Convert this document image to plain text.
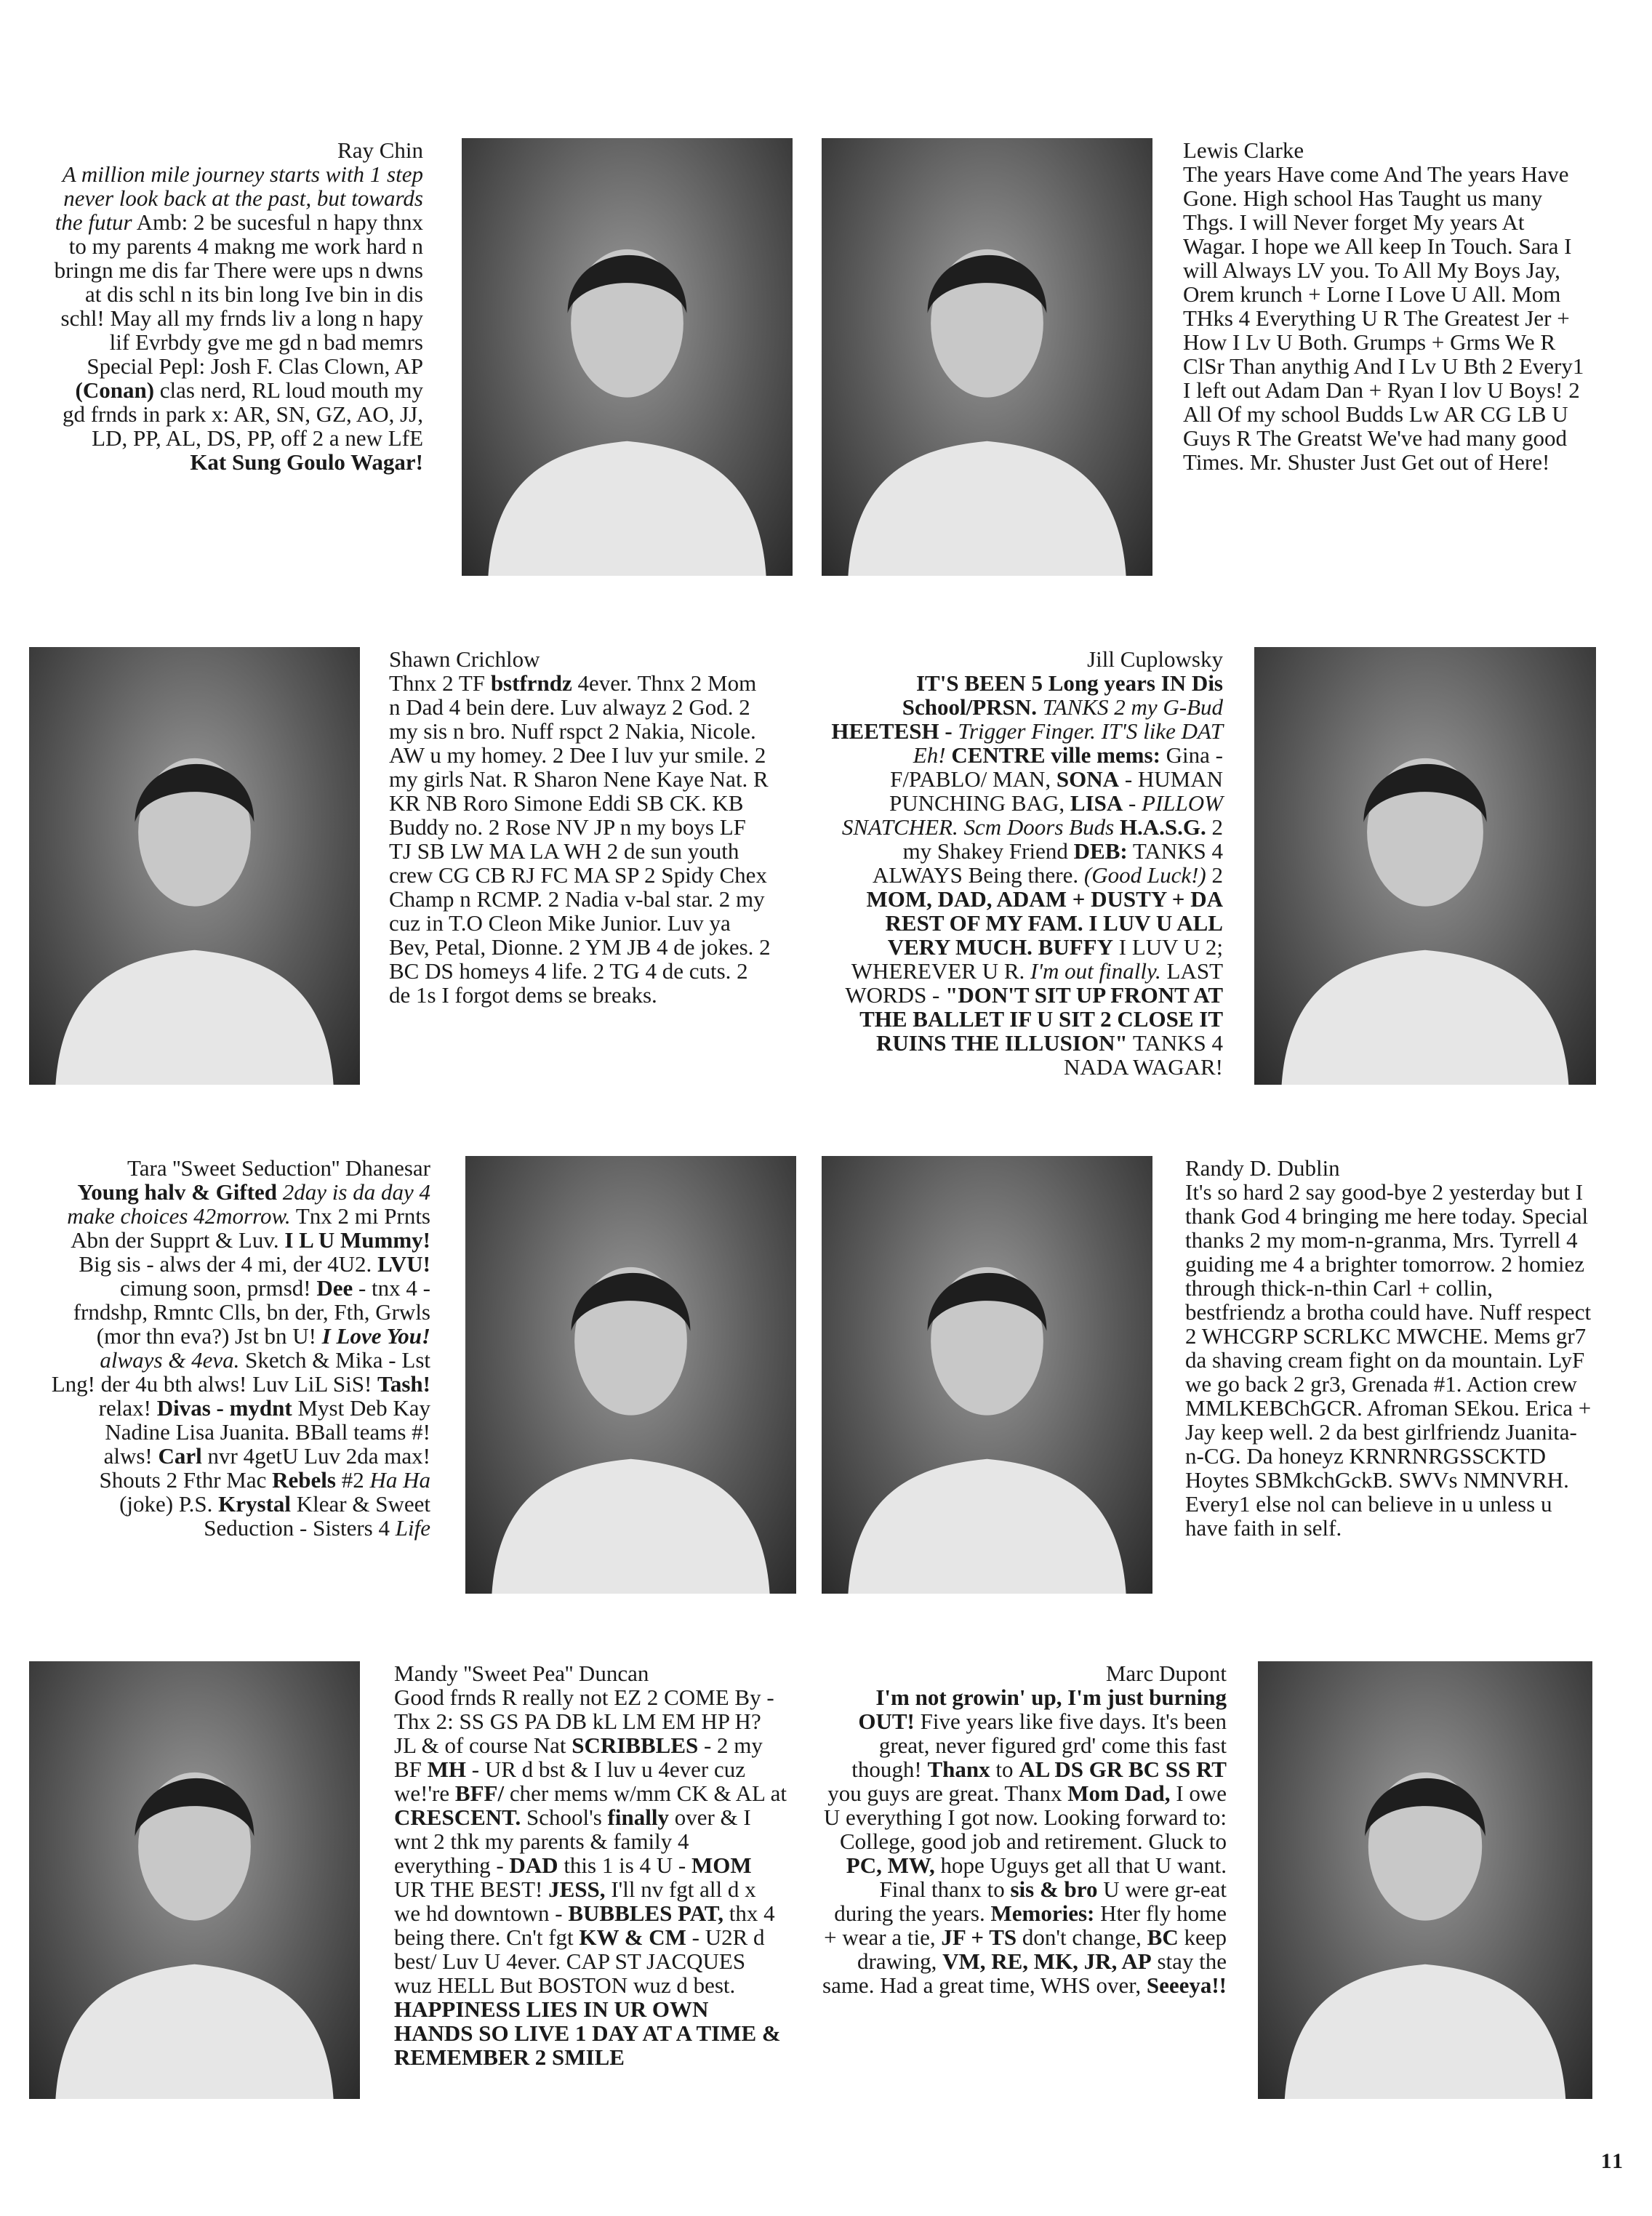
Ray Chin
A million mile journey starts with 1 step never look back at the past, but towards the futur Amb: 2 be sucesful n hapy thnx to my parents 4 makng me work hard n bringn me dis far There were ups n dwns at dis schl n its bin long Ive bin in dis schl! May all my frnds liv a long n hapy lif Evrbdy gve me gd n bad memrs Special Pepl: Josh F. Clas Clown, AP (Conan) clas nerd, RL loud mouth my gd frnds in park x: AR, SN, GZ, AO, JJ, LD, PP, AL, DS, PP, off 2 a new LfE Kat Sung Goulo Wagar!
Lewis Clarke
The years Have come And The years Have Gone. High school Has Taught us many Thgs. I will Never forget My years At Wagar. I hope we All keep In Touch. Sara I will Always LV you. To All My Boys Jay, Orem krunch + Lorne I Love U All. Mom THks 4 Everything U R The Greatest Jer + How I Lv U Both. Grumps + Grms We R ClSr Than anythig And I Lv U Bth 2 Every1 I left out Adam Dan + Ryan I lov U Boys! 2 All Of my school Budds Lw AR CG LB U Guys R The Greatst We've had many good Times. Mr. Shuster Just Get out of Here!
Shawn Crichlow
Thnx 2 TF bstfrndz 4ever. Thnx 2 Mom n Dad 4 bein dere. Luv alwayz 2 God. 2 my sis n bro. Nuff rspct 2 Nakia, Nicole. AW u my homey. 2 Dee I luv yur smile. 2 my girls Nat. R Sharon Nene Kaye Nat. R KR NB Roro Simone Eddi SB CK. KB Buddy no. 2 Rose NV JP n my boys LF TJ SB LW MA LA WH 2 de sun youth crew CG CB RJ FC MA SP 2 Spidy Chex Champ n RCMP. 2 Nadia v-bal star. 2 my cuz in T.O Cleon Mike Junior. Luv ya Bev, Petal, Dionne. 2 YM JB 4 de jokes. 2 BC DS homeys 4 life. 2 TG 4 de cuts. 2 de 1s I forgot dems se breaks.
Jill Cuplowsky
IT'S BEEN 5 Long years IN Dis School/PRSN. TANKS 2 my G-Bud HEETESH - Trigger Finger. IT'S like DAT Eh! CENTRE ville mems: Gina - F/PABLO/ MAN, SONA - HUMAN PUNCHING BAG, LISA - PILLOW SNATCHER. Scm Doors Buds H.A.S.G. 2 my Shakey Friend DEB: TANKS 4 ALWAYS Being there. (Good Luck!) 2 MOM, DAD, ADAM + DUSTY + DA REST OF MY FAM. I LUV U ALL VERY MUCH. BUFFY I LUV U 2; WHEREVER U R. I'm out finally. LAST WORDS - "DON'T SIT UP FRONT AT THE BALLET IF U SIT 2 CLOSE IT RUINS THE ILLUSION" TANKS 4 NADA WAGAR!
Tara ''Sweet Seduction'' Dhanesar
Young halv & Gifted 2day is da day 4 make choices 42morrow. Tnx 2 mi Prnts Abn der Supprt & Luv. I L U Mummy! Big sis - alws der 4 mi, der 4U2. LVU! cimung soon, prmsd! Dee - tnx 4 - frndshp, Rmntc Clls, bn der, Fth, Grwls (mor thn eva?) Jst bn U! I Love You! always & 4eva. Sketch & Mika - Lst Lng! der 4u bth alws! Luv LiL SiS! Tash! relax! Divas - mydnt Myst Deb Kay Nadine Lisa Juanita. BBall teams #! alws! Carl nvr 4getU Luv 2da max! Shouts 2 Fthr Mac Rebels #2 Ha Ha (joke) P.S. Krystal Klear & Sweet Seduction - Sisters 4 Life
Randy D. Dublin
It's so hard 2 say good-bye 2 yesterday but I thank God 4 bringing me here today. Special thanks 2 my mom-n-granma, Mrs. Tyrrell 4 guiding me 4 a brighter tomorrow. 2 homiez through thick-n-thin Carl + collin, bestfriendz a brotha could have. Nuff respect 2 WHCGRP SCRLKC MWCHE. Mems gr7 da shaving cream fight on da mountain. LyF we go back 2 gr3, Grenada #1. Action crew MMLKEBChGCR. Afroman SEkou. Erica + Jay keep well. 2 da best girlfriendz Juanita-n-CG. Da honeyz KRNRNRGSSCKTD Hoytes SBMkchGckB. SWVs NMNVRH. Every1 else nol can believe in u unless u have faith in self.
Mandy ''Sweet Pea'' Duncan
Good frnds R really not EZ 2 COME By - Thx 2: SS GS PA DB kL LM EM HP H? JL & of course Nat SCRIBBLES - 2 my BF MH - UR d bst & I luv u 4ever cuz we!'re BFF/ cher mems w/mm CK & AL at CRESCENT. School's finally over & I wnt 2 thk my parents & family 4 everything - DAD this 1 is 4 U - MOM UR THE BEST! JESS, I'll nv fgt all d x we hd downtown - BUBBLES PAT, thx 4 being there. Cn't fgt KW & CM - U2R d best/ Luv U 4ever. CAP ST JACQUES wuz HELL But BOSTON wuz d best. HAPPINESS LIES IN UR OWN HANDS SO LIVE 1 DAY AT A TIME & REMEMBER 2 SMILE
Marc Dupont
I'm not growin' up, I'm just burning OUT! Five years like five days. It's been great, never figured grd' come this fast though! Thanx to AL DS GR BC SS RT you guys are great. Thanx Mom Dad, I owe U everything I got now. Looking forward to: College, good job and retirement. Gluck to PC, MW, hope Uguys get all that U want. Final thanx to sis & bro U were gr-eat during the years. Memories: Hter fly home + wear a tie, JF + TS don't change, BC keep drawing, VM, RE, MK, JR, AP stay the same. Had a great time, WHS over, Seeeya!!
11
